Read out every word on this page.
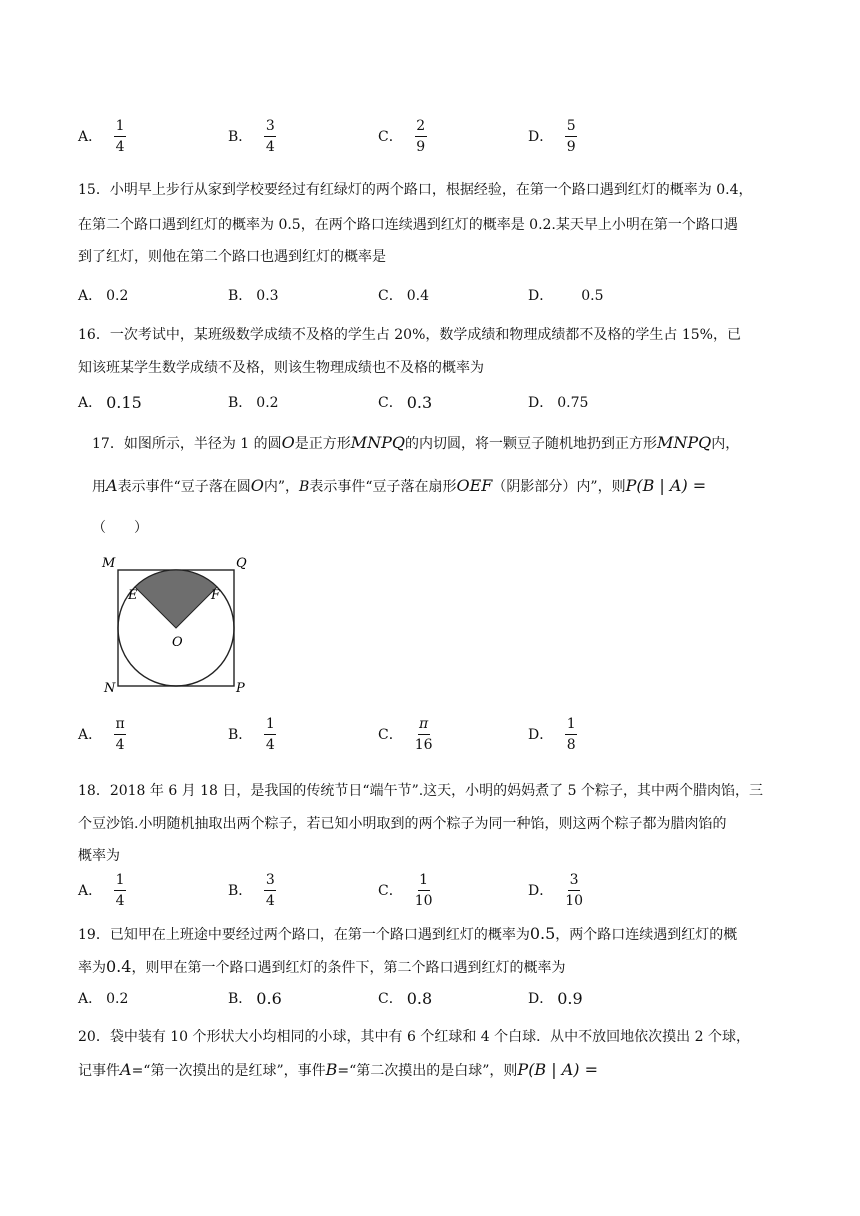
A． $\frac{1}{4}$	B． $\frac{3}{4}$	C． $\frac{2}{9}$	D． $\frac{5}{9}$
15．小明早上步行从家到学校要经过有红绿灯的两个路口，根据经验，在第一个路口遇到红灯的概率为 0.4，
在第二个路口遇到红灯的概率为 0.5，在两个路口连续遇到红灯的概率是 0.2.某天早上小明在第一个路口遇
到了红灯，则他在第二个路口也遇到红灯的概率是
A． 0.2	B． 0.3	C． 0.4	D． 0.5
16．一次考试中，某班级数学成绩不及格的学生占 20%，数学成绩和物理成绩都不及格的学生占 15%，已
知该班某学生数学成绩不及格，则该生物理成绩也不及格的概率为
A． 0.15	B． 0.2	C． 0.3	D． 0.75
17．如图所示，半径为 1 的圆O是正方形MNPQ的内切圆，将一颗豆子随机地扔到正方形MNPQ内，
用A表示事件“豆子落在圆O内”，B表示事件“豆子落在扇形OEF（阴影部分）内”，则P(B | A) =
（　　）
M	Q
E	F
O
N	P
A． $\frac{\pi}{4}$	B． $\frac{1}{4}$	C． $\frac{\pi}{16}$	D． $\frac{1}{8}$
18．2018 年 6 月 18 日，是我国的传统节日“端午节”.这天，小明的妈妈煮了 5 个粽子，其中两个腊肉馅，三
个豆沙馅.小明随机抽取出两个粽子，若已知小明取到的两个粽子为同一种馅，则这两个粽子都为腊肉馅的
概率为
A． $\frac{1}{4}$	B． $\frac{3}{4}$	C． $\frac{1}{10}$	D． $\frac{3}{10}$
19．已知甲在上班途中要经过两个路口，在第一个路口遇到红灯的概率为0.5，两个路口连续遇到红灯的概
率为0.4，则甲在第一个路口遇到红灯的条件下，第二个路口遇到红灯的概率为
A． 0.2	B． 0.6	C． 0.8	D． 0.9
20．袋中装有 10 个形状大小均相同的小球，其中有 6 个红球和 4 个白球．从中不放回地依次摸出 2 个球，
记事件A=“第一次摸出的是红球”，事件B=“第二次摸出的是白球”，则P(B | A) =
